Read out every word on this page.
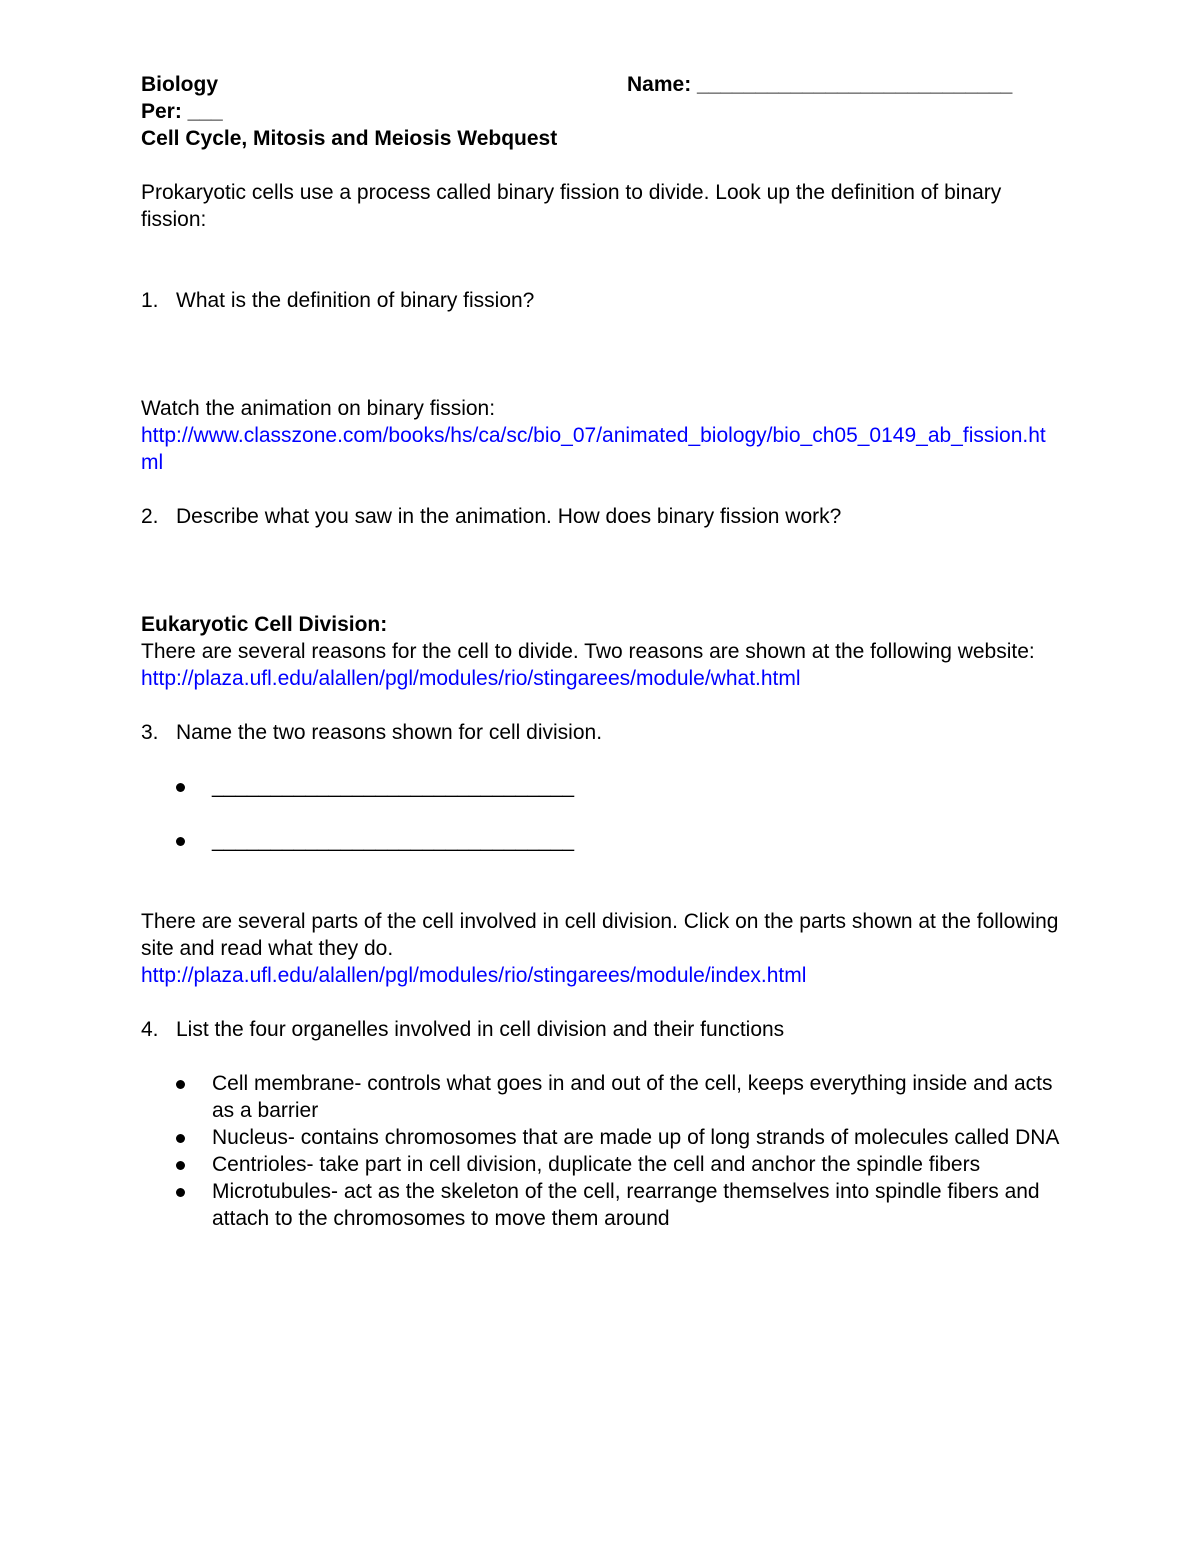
Biology	Name: ___________________________
Per: ___
Cell Cycle, Mitosis and Meiosis Webquest

Prokaryotic cells use a process called binary fission to divide. Look up the definition of binary fission:

1. What is the definition of binary fission?
Watch the animation on binary fission:
http://www.classzone.com/books/hs/ca/sc/bio_07/animated_biology/bio_ch05_0149_ab_fission.html
2. Describe what you saw in the animation. How does binary fission work?
Eukaryotic Cell Division:

There are several reasons for the cell to divide. Two reasons are shown at the following website:

http://plaza.ufl.edu/alallen/pgl/modules/rio/stingarees/module/what.html
3. Name the two reasons shown for cell division.
_______________________________
_______________________________

There are several parts of the cell involved in cell division. Click on the parts shown at the following site and read what they do.

http://plaza.ufl.edu/alallen/pgl/modules/rio/stingarees/module/index.html
4. List the four organelles involved in cell division and their functions
Cell membrane- controls what goes in and out of the cell, keeps everything inside and acts as a barrier
Nucleus- contains chromosomes that are made up of long strands of molecules called DNA
Centrioles- take part in cell division, duplicate the cell and anchor the spindle fibers
Microtubules- act as the skeleton of the cell, rearrange themselves into spindle fibers and attach to the chromosomes to move them around
